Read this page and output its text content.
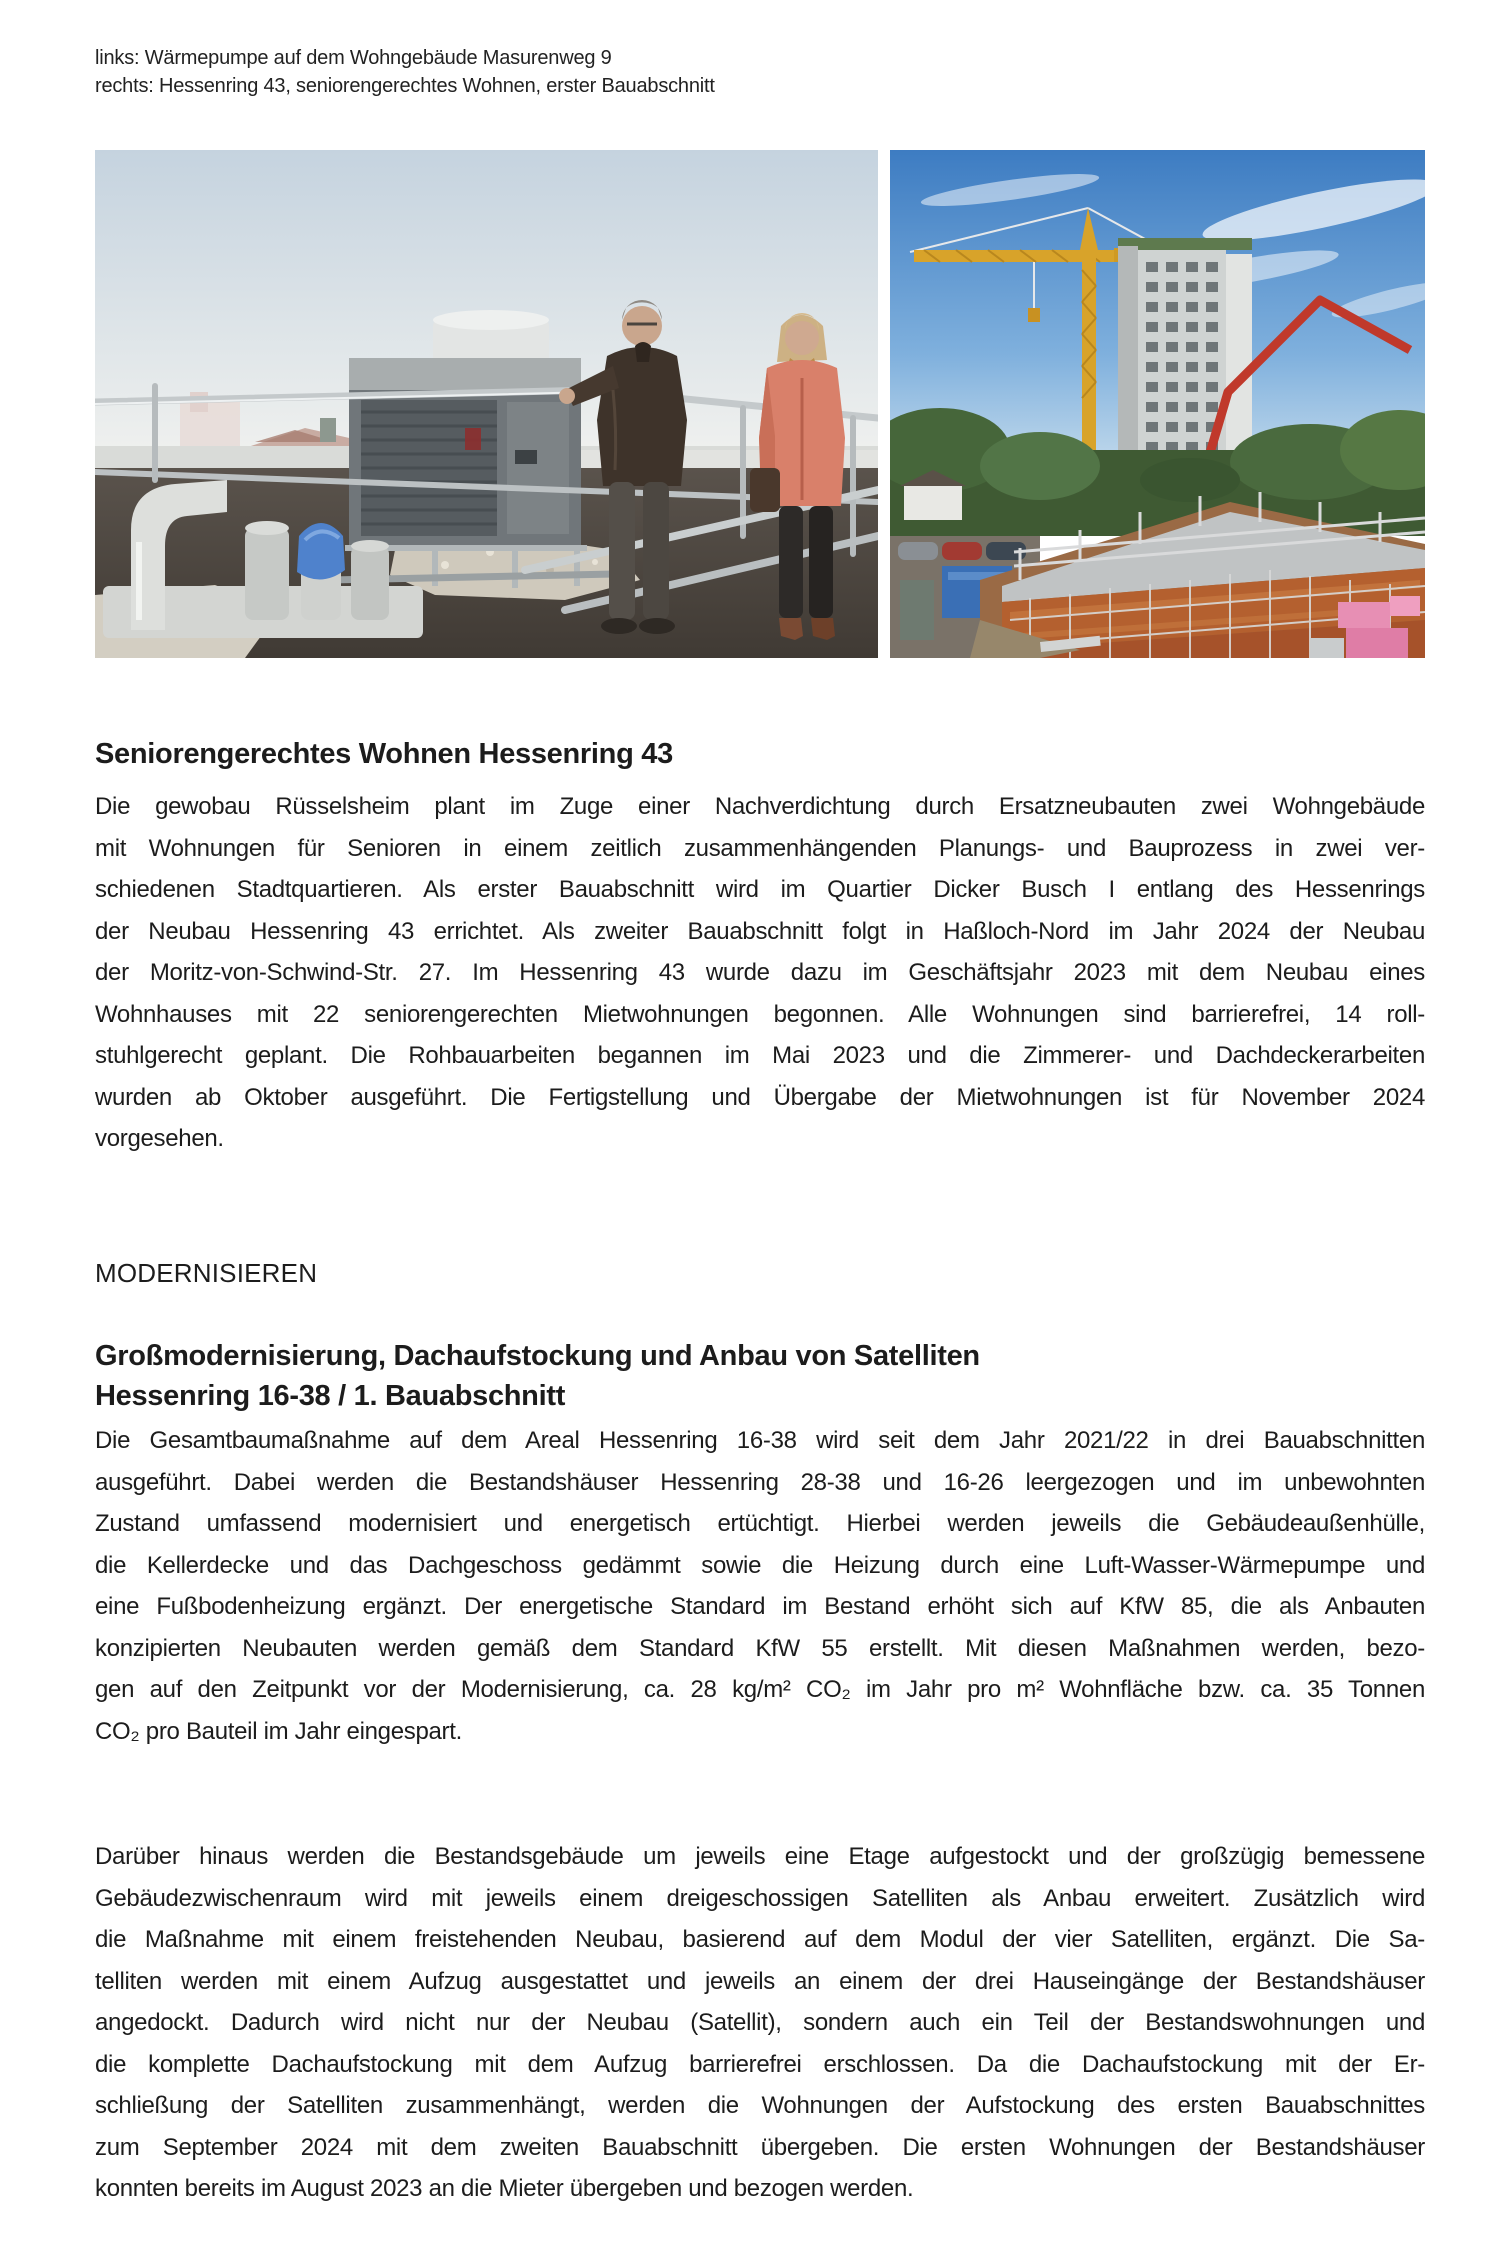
links: Wärmepumpe auf dem Wohngebäude Masurenweg 9
rechts: Hessenring 43, seniorengerechtes Wohnen, erster Bauabschnitt
Seniorengerechtes Wohnen Hessenring 43
Die gewobau Rüsselsheim plant im Zuge einer Nachverdichtung durch Ersatzneubauten zwei Wohngebäude
mit Wohnungen für Senioren in einem zeitlich zusammenhängenden Planungs- und Bauprozess in zwei ver-
schiedenen Stadtquartieren. Als erster Bauabschnitt wird im Quartier Dicker Busch I entlang des Hessenrings
der Neubau Hessenring 43 errichtet. Als zweiter Bauabschnitt folgt in Haßloch-Nord im Jahr 2024 der Neubau
der Moritz-von-Schwind-Str. 27. Im Hessenring 43 wurde dazu im Geschäftsjahr 2023 mit dem Neubau eines
Wohnhauses mit 22 seniorengerechten Mietwohnungen begonnen. Alle Wohnungen sind barrierefrei, 14 roll-
stuhlgerecht geplant. Die Rohbauarbeiten begannen im Mai 2023 und die Zimmerer- und Dachdeckerarbeiten
wurden ab Oktober ausgeführt. Die Fertigstellung und Übergabe der Mietwohnungen ist für November 2024
vorgesehen.
MODERNISIEREN
Großmodernisierung, Dachaufstockung und Anbau von Satelliten
Hessenring 16-38 / 1. Bauabschnitt
Die Gesamtbaumaßnahme auf dem Areal Hessenring 16-38 wird seit dem Jahr 2021/22 in drei Bauabschnitten
ausgeführt. Dabei werden die Bestandshäuser Hessenring 28-38 und 16-26 leergezogen und im unbewohnten
Zustand umfassend modernisiert und energetisch ertüchtigt. Hierbei werden jeweils die Gebäudeaußenhülle,
die Kellerdecke und das Dachgeschoss gedämmt sowie die Heizung durch eine Luft-Wasser-Wärmepumpe und
eine Fußbodenheizung ergänzt. Der energetische Standard im Bestand erhöht sich auf KfW 85, die als Anbauten
konzipierten Neubauten werden gemäß dem Standard KfW 55 erstellt. Mit diesen Maßnahmen werden, bezo-
gen auf den Zeitpunkt vor der Modernisierung, ca. 28 kg/m² CO₂ im Jahr pro m² Wohnfläche bzw. ca. 35 Tonnen
CO₂ pro Bauteil im Jahr eingespart.
Darüber hinaus werden die Bestandsgebäude um jeweils eine Etage aufgestockt und der großzügig bemessene
Gebäudezwischenraum wird mit jeweils einem dreigeschossigen Satelliten als Anbau erweitert. Zusätzlich wird
die Maßnahme mit einem freistehenden Neubau, basierend auf dem Modul der vier Satelliten, ergänzt. Die Sa-
telliten werden mit einem Aufzug ausgestattet und jeweils an einem der drei Hauseingänge der Bestandshäuser
angedockt. Dadurch wird nicht nur der Neubau (Satellit), sondern auch ein Teil der Bestandswohnungen und
die komplette Dachaufstockung mit dem Aufzug barrierefrei erschlossen. Da die Dachaufstockung mit der Er-
schließung der Satelliten zusammenhängt, werden die Wohnungen der Aufstockung des ersten Bauabschnittes
zum September 2024 mit dem zweiten Bauabschnitt übergeben. Die ersten Wohnungen der Bestandshäuser
konnten bereits im August 2023 an die Mieter übergeben und bezogen werden.
